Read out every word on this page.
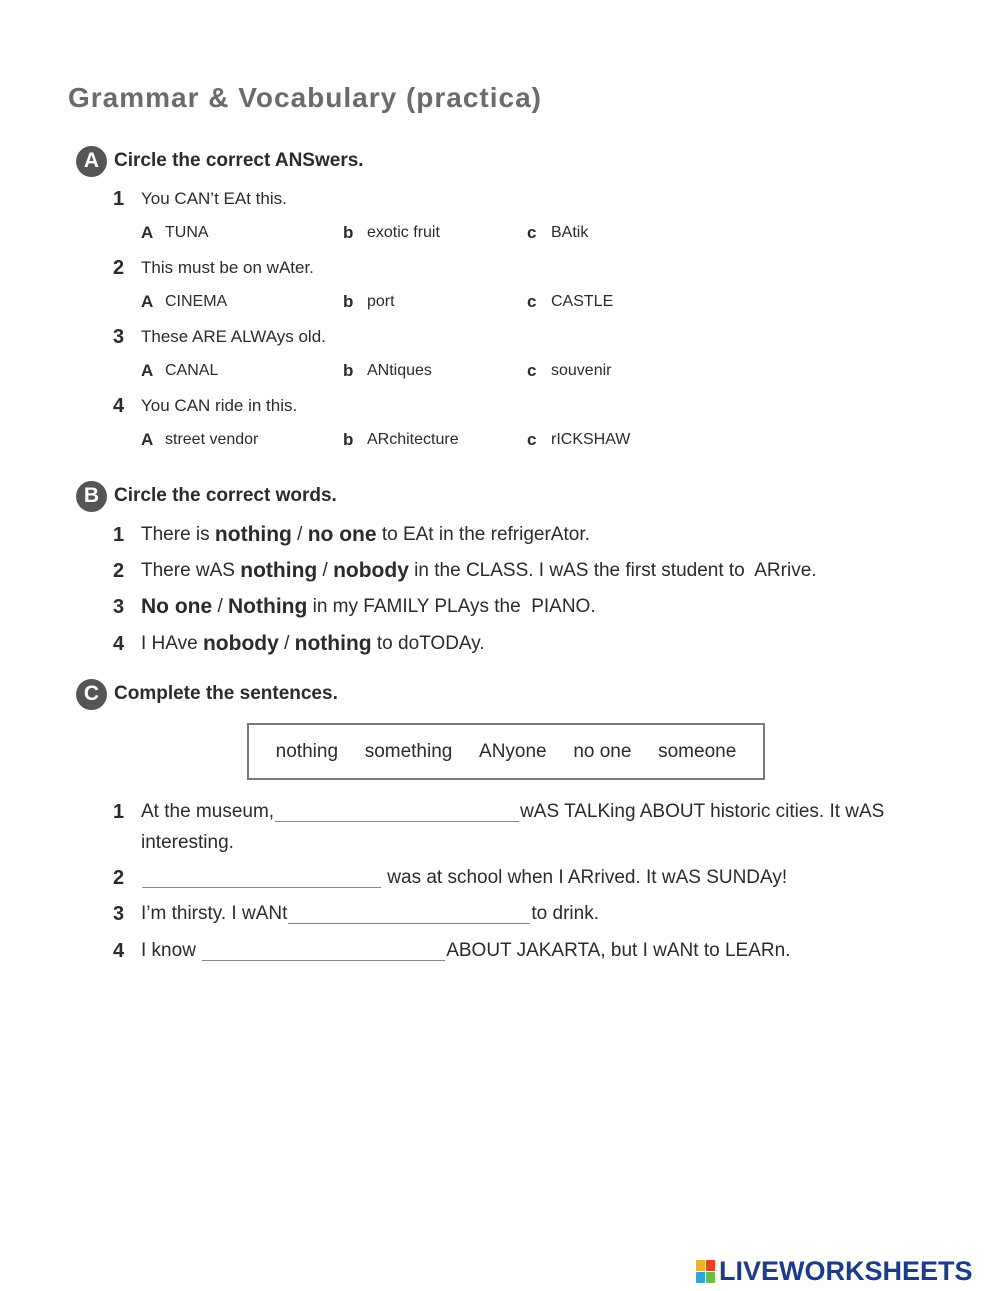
Grammar & Vocabulary (practica)
A Circle the correct ANSwers.
1 You CAN’t EAt this.
A TUNA	b exotic fruit	c BAtik
2 This must be on wAter.
A CINEMA	b port	c CASTLE
3 These ARE ALWAys old.
A CANAL	b ANtiques	c souvenir
4 You CAN ride in this.
A street vendor	b ARchitecture	c rICKSHAW
B Circle the correct words.
1 There is nothing / no one to EAt in the refrigerAtor.
2 There wAS nothing / nobody in the CLASS. I wAS the first student to  ARrive.
3 No one / Nothing in my FAMILY PLAys the  PIANO.
4 I HAve nobody / nothing to doTODAy.
C Complete the sentences.
nothing something ANyone no one someone
1 At the museum,	wAS TALKing ABOUT historic cities. It wAS
interesting.
2	was at school when I ARrived. It wAS SUNDAy!
3 I’m thirsty. I wANt	to drink.
4 I know	ABOUT JAKARTA, but I wANt to LEARn.
LIVEWORKSHEETS
